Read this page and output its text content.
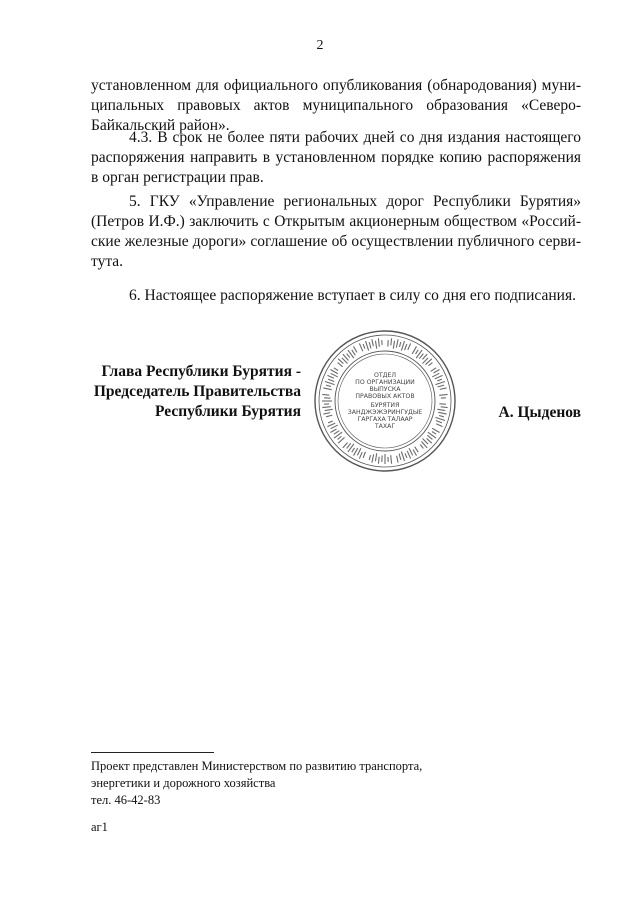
2

установленном для официального опубликования (обнародования) муни-ципальных правовых актов муниципального образования «Северо-Байкальский район».

4.3. В срок не более пяти рабочих дней со дня издания настоящего распоряжения направить в установленном порядке копию распоряжения в орган регистрации прав.

5. ГКУ «Управление региональных дорог Республики Бурятия» (Петров И.Ф.) заключить с Открытым акционерным обществом «Россий-ские железные дороги» соглашение об осуществлении публичного серви-тута.

6. Настоящее распоряжение вступает в силу со дня его подписания.

Глава Республики Бурятия -
Председатель Правительства
Республики Бурятия
ОТДЕЛ
ПО ОРГАНИЗАЦИИ
ВЫПУСКА
ПРАВОВЫХ АКТОВ
БУРЯТИЯ
ЗАНДЖЭЖЭРИНГУДЫЕ
ГАРГАХА ТАЛААР
ТАХАГ
А. Цыденов
Проект представлен Министерством по развитию транспорта,
энергетики и дорожного хозяйства
тел. 46-42-83
аг1
